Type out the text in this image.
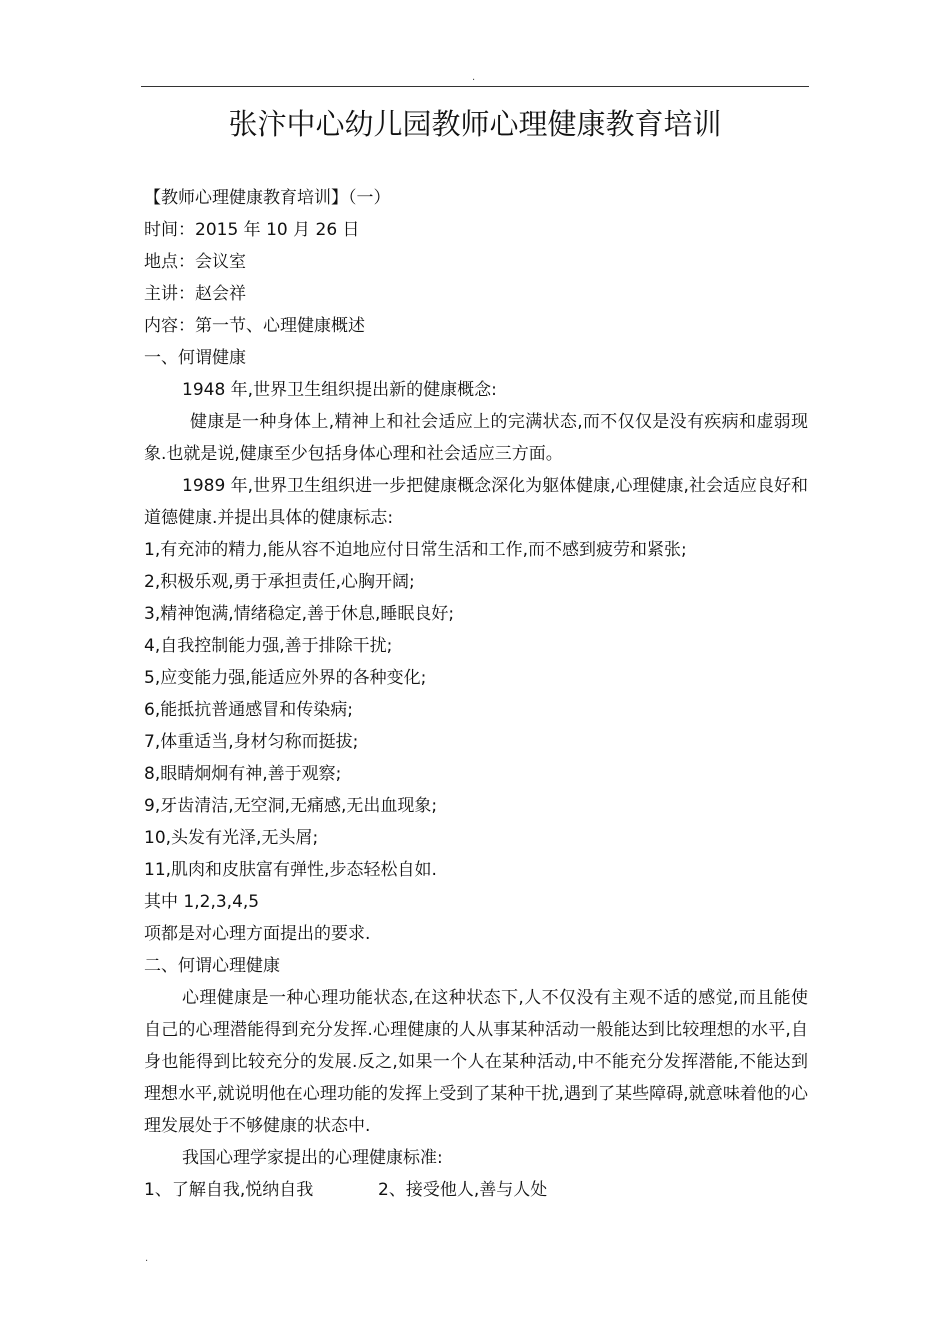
.
张汴中心幼儿园教师心理健康教育培训

【教师心理健康教育培训】（一）

时间：2015 年 10 月 26 日

地点：会议室

主讲：赵会祥

内容：第一节、心理健康概述

一、何谓健康

1948 年,世界卫生组织提出新的健康概念:

健康是一种身体上,精神上和社会适应上的完满状态,而不仅仅是没有疾病和虚弱现象.也就是说,健康至少包括身体心理和社会适应三方面。

1989 年,世界卫生组织进一步把健康概念深化为躯体健康,心理健康,社会适应良好和道德健康.并提出具体的健康标志:

1,有充沛的精力,能从容不迫地应付日常生活和工作,而不感到疲劳和紧张;

2,积极乐观,勇于承担责任,心胸开阔;

3,精神饱满,情绪稳定,善于休息,睡眠良好;

4,自我控制能力强,善于排除干扰;

5,应变能力强,能适应外界的各种变化;

6,能抵抗普通感冒和传染病;

7,体重适当,身材匀称而挺拔;

8,眼睛炯炯有神,善于观察;

9,牙齿清洁,无空洞,无痛感,无出血现象;

10,头发有光泽,无头屑;

11,肌肉和皮肤富有弹性,步态轻松自如.

其中 1,2,3,4,5

项都是对心理方面提出的要求.

二、何谓心理健康

心理健康是一种心理功能状态,在这种状态下,人不仅没有主观不适的感觉,而且能使自己的心理潜能得到充分发挥.心理健康的人从事某种活动一般能达到比较理想的水平,自身也能得到比较充分的发展.反之,如果一个人在某种活动,中不能充分发挥潜能,不能达到理想水平,就说明他在心理功能的发挥上受到了某种干扰,遇到了某些障碍,就意味着他的心理发展处于不够健康的状态中.

我国心理学家提出的心理健康标准:

1、了解自我,悦纳自我	2、接受他人,善与人处

.
